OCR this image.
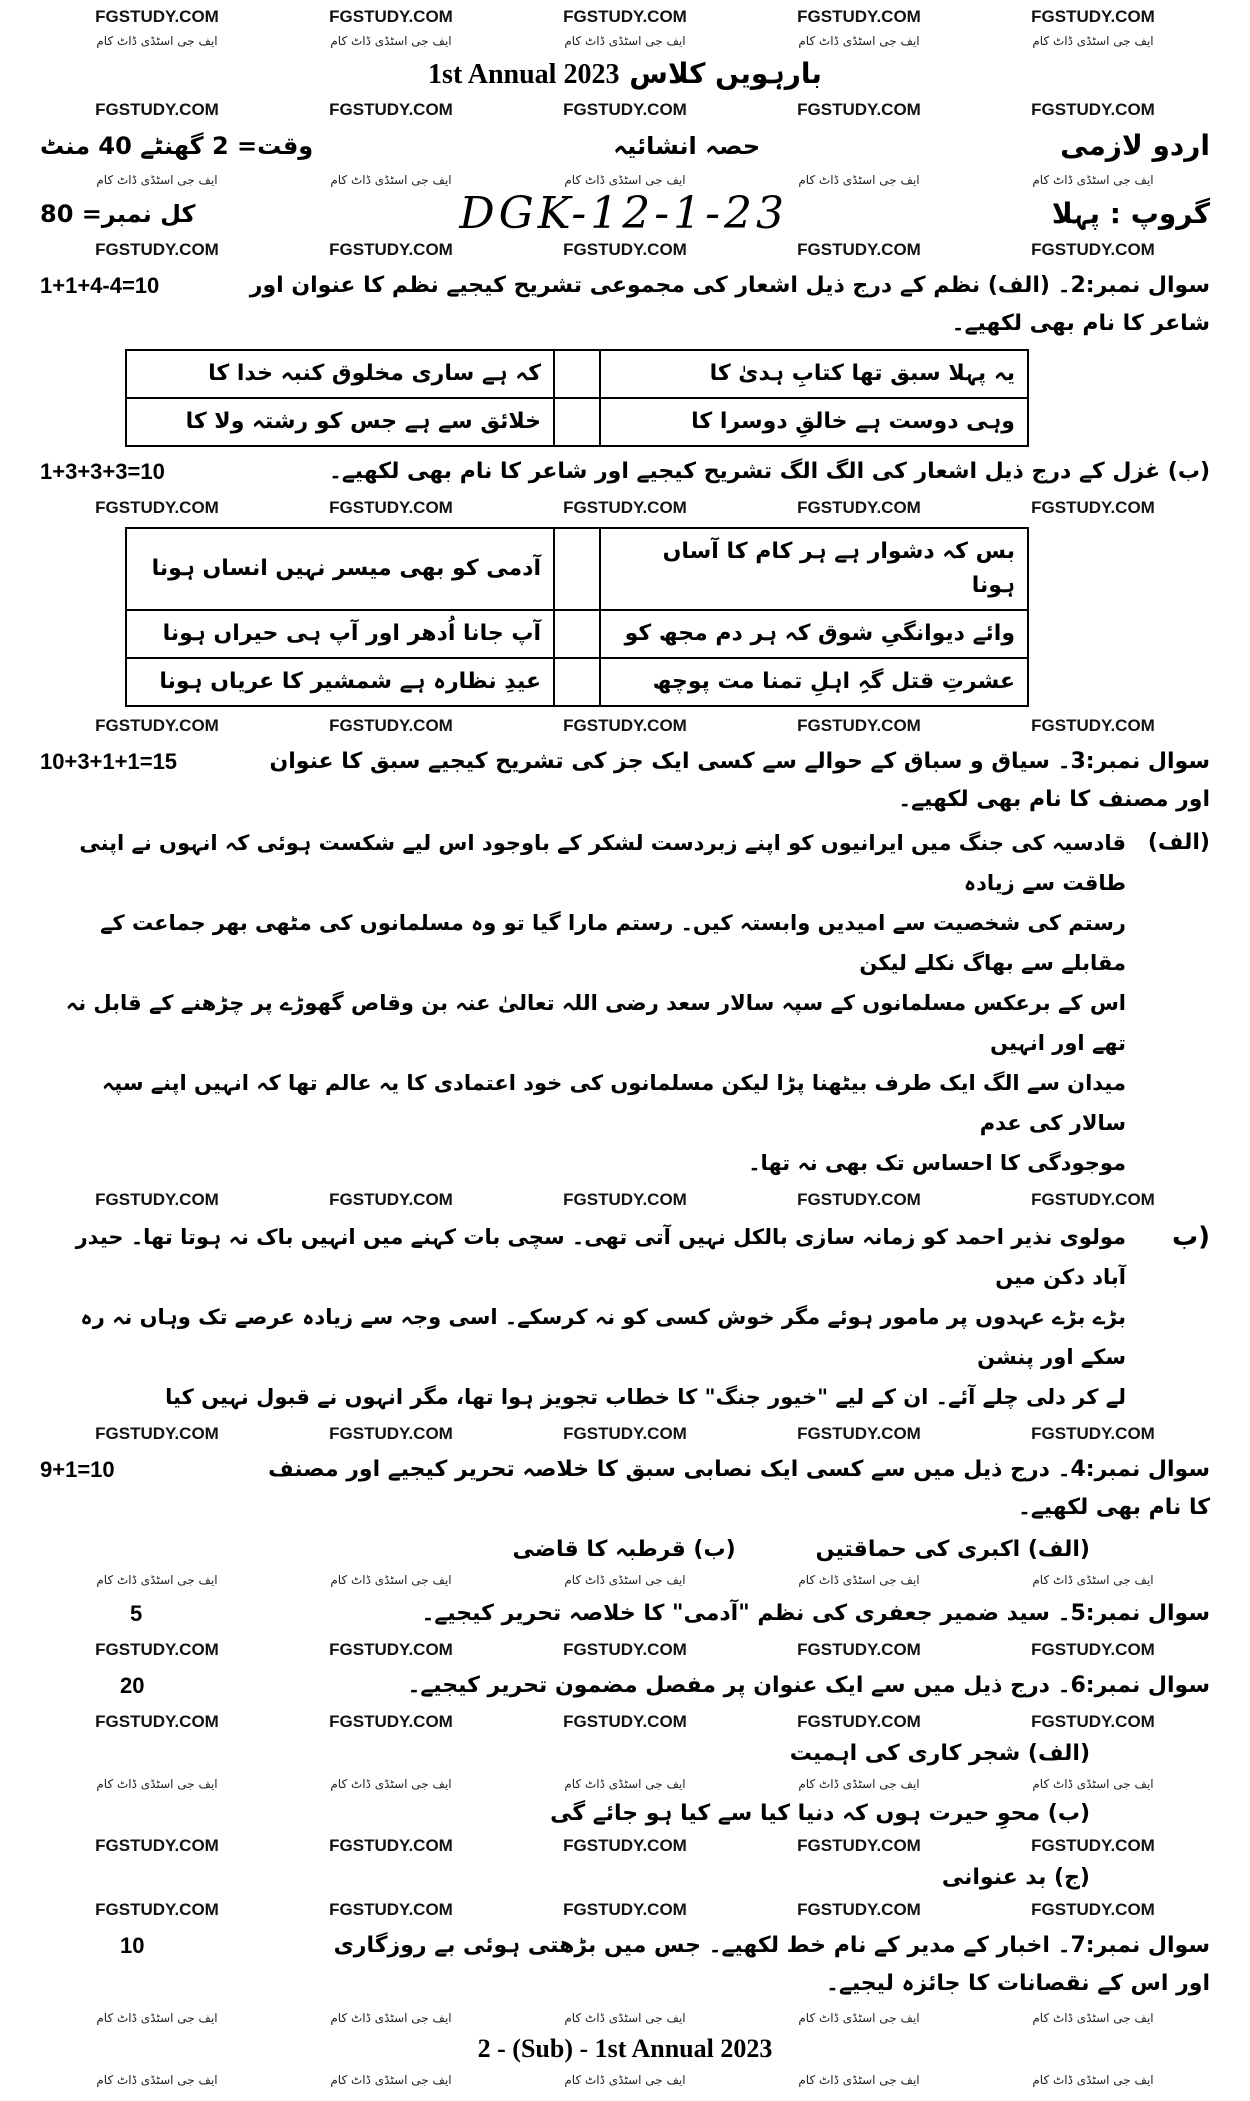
FGSTUDY.COM	FGSTUDY.COM	FGSTUDY.COM	FGSTUDY.COM	FGSTUDY.COM
ایف جی اسٹڈی ڈاٹ کام	ایف جی اسٹڈی ڈاٹ کام	ایف جی اسٹڈی ڈاٹ کام	ایف جی اسٹڈی ڈاٹ کام	ایف جی اسٹڈی ڈاٹ کام
بارہویں کلاس 1st Annual 2023
FGSTUDY.COM	FGSTUDY.COM	FGSTUDY.COM	FGSTUDY.COM	FGSTUDY.COM
اردو لازمی
حصہ انشائیہ
وقت= 2 گھنٹے 40 منٹ
ایف جی اسٹڈی ڈاٹ کام	ایف جی اسٹڈی ڈاٹ کام	ایف جی اسٹڈی ڈاٹ کام	ایف جی اسٹڈی ڈاٹ کام	ایف جی اسٹڈی ڈاٹ کام
گروپ : پہلا
DGK-12-1-23
کل نمبر= 80
FGSTUDY.COM	FGSTUDY.COM	FGSTUDY.COM	FGSTUDY.COM	FGSTUDY.COM
سوال نمبر:2۔ (الف) نظم کے درج ذیل اشعار کی مجموعی تشریح کیجیے نظم کا عنوان اور شاعر کا نام بھی لکھیے۔
1+1+4-4=10
کہ ہے ساری مخلوق کنبہ خدا کا		یہ پہلا سبق تھا کتابِ ہدیٰ کا
خلائق سے ہے جس کو رشتہ ولا کا		وہی دوست ہے خالقِ دوسرا کا
(ب) غزل کے درج ذیل اشعار کی الگ الگ تشریح کیجیے اور شاعر کا نام بھی لکھیے۔
1+3+3+3=10
FGSTUDY.COM	FGSTUDY.COM	FGSTUDY.COM	FGSTUDY.COM	FGSTUDY.COM
آدمی کو بھی میسر نہیں انساں ہونا		بس کہ دشوار ہے ہر کام کا آساں ہونا
آپ جانا اُدھر اور آپ ہی حیراں ہونا		وائے دیوانگیِ شوق کہ ہر دم مجھ کو
عیدِ نظارہ ہے شمشیر کا عریاں ہونا		عشرتِ قتل گہِ اہلِ تمنا مت پوچھ
FGSTUDY.COM	FGSTUDY.COM	FGSTUDY.COM	FGSTUDY.COM	FGSTUDY.COM
سوال نمبر:3۔ سیاق و سباق کے حوالے سے کسی ایک جز کی تشریح کیجیے سبق کا عنوان اور مصنف کا نام بھی لکھیے۔
10+3+1+1=15
(الف)
قادسیہ کی جنگ میں ایرانیوں کو اپنے زبردست لشکر کے باوجود اس لیے شکست ہوئی کہ انہوں نے اپنی طاقت سے زیادہ
رستم کی شخصیت سے امیدیں وابستہ کیں۔ رستم مارا گیا تو وہ مسلمانوں کی مٹھی بھر جماعت کے مقابلے سے بھاگ نکلے لیکن
اس کے برعکس مسلمانوں کے سپہ سالار سعد رضی اللہ تعالیٰ عنہ بن وقاص گھوڑے پر چڑھنے کے قابل نہ تھے اور انہیں
میدان سے الگ ایک طرف بیٹھنا پڑا لیکن مسلمانوں کی خود اعتمادی کا یہ عالم تھا کہ انہیں اپنے سپہ سالار کی عدم
موجودگی کا احساس تک بھی نہ تھا۔
FGSTUDY.COM	FGSTUDY.COM	FGSTUDY.COM	FGSTUDY.COM	FGSTUDY.COM
(ب
مولوی نذیر احمد کو زمانہ سازی بالکل نہیں آتی تھی۔ سچی بات کہنے میں انہیں باک نہ ہوتا تھا۔ حیدر آباد دکن میں
بڑے بڑے عہدوں پر مامور ہوئے مگر خوش کسی کو نہ کرسکے۔ اسی وجہ سے زیادہ عرصے تک وہاں نہ رہ سکے اور پنشن
لے کر دلی چلے آئے۔ ان کے لیے "خیور جنگ" کا خطاب تجویز ہوا تھا، مگر انہوں نے قبول نہیں کیا
FGSTUDY.COM	FGSTUDY.COM	FGSTUDY.COM	FGSTUDY.COM	FGSTUDY.COM
سوال نمبر:4۔ درج ذیل میں سے کسی ایک نصابی سبق کا خلاصہ تحریر کیجیے اور مصنف کا نام بھی لکھیے۔
9+1=10
(الف) اکبری کی حماقتیں
(ب) قرطبہ کا قاضی
ایف جی اسٹڈی ڈاٹ کام	ایف جی اسٹڈی ڈاٹ کام	ایف جی اسٹڈی ڈاٹ کام	ایف جی اسٹڈی ڈاٹ کام	ایف جی اسٹڈی ڈاٹ کام
سوال نمبر:5۔ سید ضمیر جعفری کی نظم "آدمی" کا خلاصہ تحریر کیجیے۔
5
FGSTUDY.COM	FGSTUDY.COM	FGSTUDY.COM	FGSTUDY.COM	FGSTUDY.COM
سوال نمبر:6۔ درج ذیل میں سے ایک عنوان پر مفصل مضمون تحریر کیجیے۔
20
FGSTUDY.COM	FGSTUDY.COM	FGSTUDY.COM	FGSTUDY.COM	FGSTUDY.COM
(الف) شجر کاری کی اہمیت
ایف جی اسٹڈی ڈاٹ کام	ایف جی اسٹڈی ڈاٹ کام	ایف جی اسٹڈی ڈاٹ کام	ایف جی اسٹڈی ڈاٹ کام	ایف جی اسٹڈی ڈاٹ کام
(ب) محوِ حیرت ہوں کہ دنیا کیا سے کیا ہو جائے گی
FGSTUDY.COM	FGSTUDY.COM	FGSTUDY.COM	FGSTUDY.COM	FGSTUDY.COM
(ج) بد عنوانی
FGSTUDY.COM	FGSTUDY.COM	FGSTUDY.COM	FGSTUDY.COM	FGSTUDY.COM
سوال نمبر:7۔ اخبار کے مدیر کے نام خط لکھیے۔ جس میں بڑھتی ہوئی بے روزگاری اور اس کے نقصانات کا جائزہ لیجیے۔
10
ایف جی اسٹڈی ڈاٹ کام	ایف جی اسٹڈی ڈاٹ کام	ایف جی اسٹڈی ڈاٹ کام	ایف جی اسٹڈی ڈاٹ کام	ایف جی اسٹڈی ڈاٹ کام
2 - (Sub) - 1st Annual 2023
ایف جی اسٹڈی ڈاٹ کام	ایف جی اسٹڈی ڈاٹ کام	ایف جی اسٹڈی ڈاٹ کام	ایف جی اسٹڈی ڈاٹ کام	ایف جی اسٹڈی ڈاٹ کام
